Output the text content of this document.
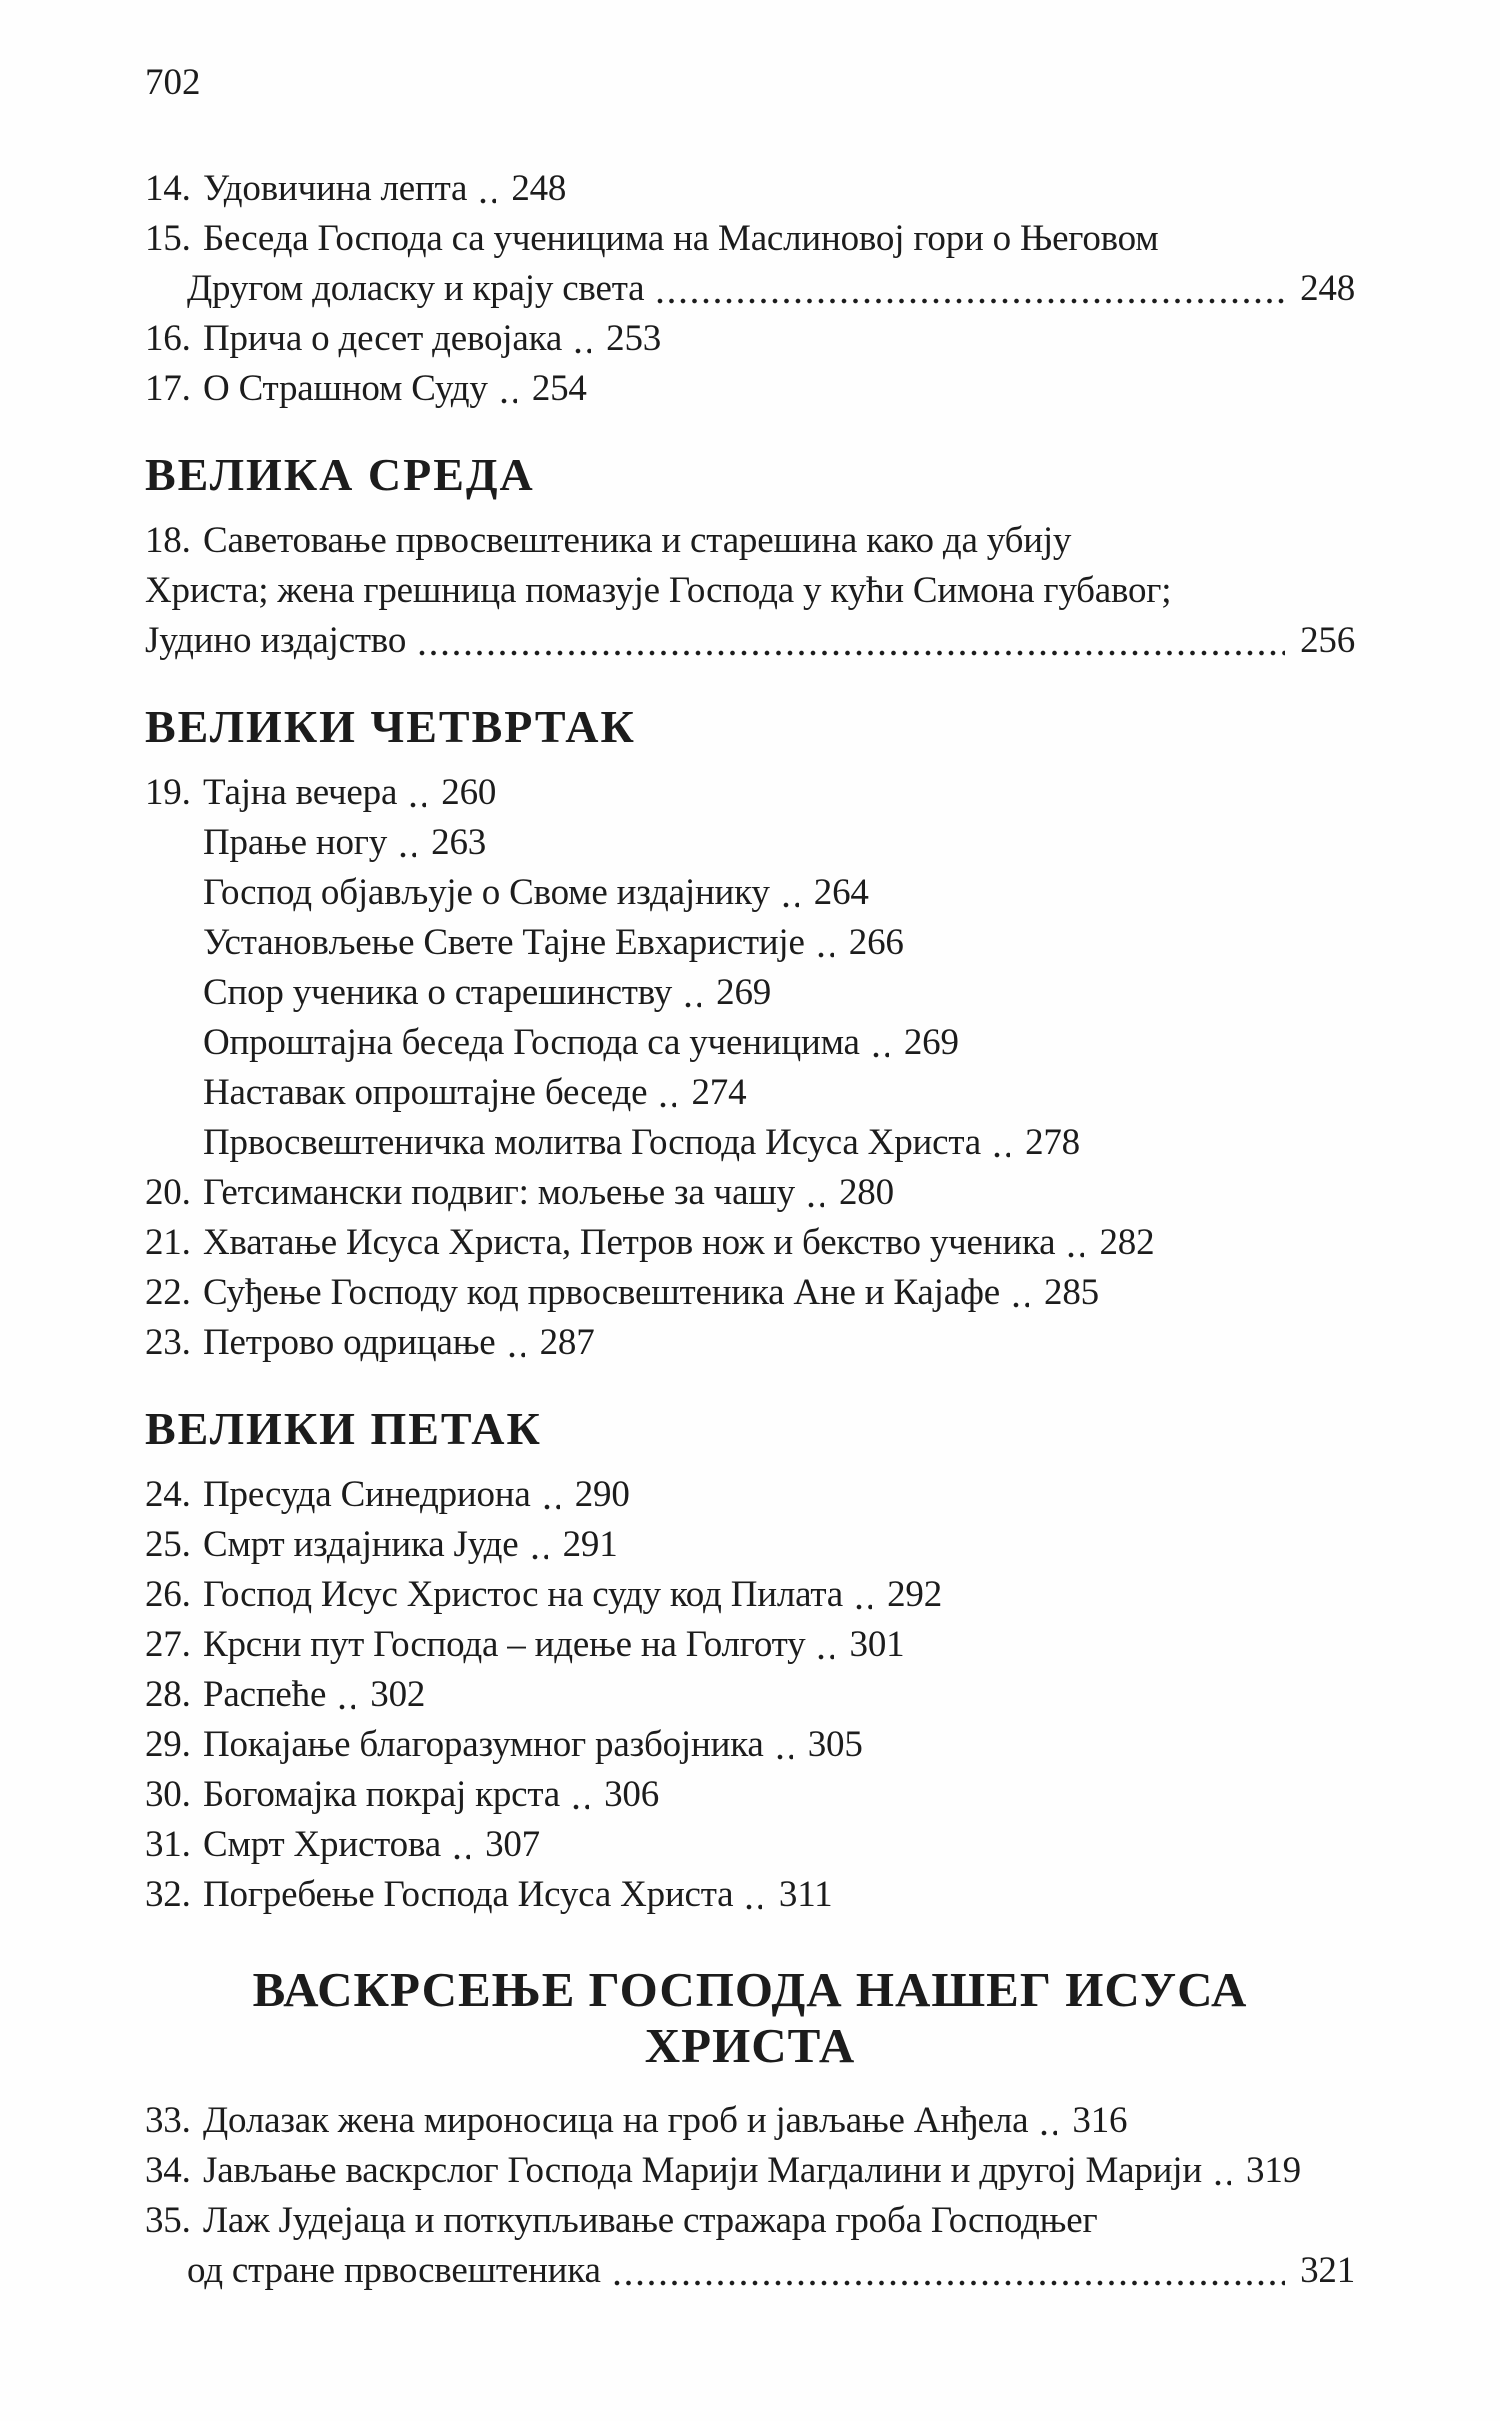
702
14. Удовичина лепта 248
15. Беседа Господа са ученицима на Маслиновој гори о Његовом
Другом доласку и крају света	248
16. Прича о десет девојака 253
17. О Страшном Суду 254
ВЕЛИКА СРЕДА
18. Саветовање првосвештеника и старешина како да убију
Христа; жена грешница помазује Господа у кући Симона губавог;
Јудино издајство	256
ВЕЛИКИ ЧЕТВРТАК
19. Тајна вечера 260
Прање ногу 263
Господ објављује о Своме издајнику 264
Установљење Свете Тајне Евхаристије 266
Спор ученика о старешинству 269
Опроштајна беседа Господа са ученицима 269
Наставак опроштајне беседе 274
Првосвештеничка молитва Господа Исуса Христа 278
20. Гетсимански подвиг: мољење за чашу 280
21. Хватање Исуса Христа, Петров нож и бекство ученика 282
22. Суђење Господу код првосвештеника Ане и Кајафе 285
23. Петрово одрицање 287
ВЕЛИКИ ПЕТАК
24. Пресуда Синедриона 290
25. Смрт издајника Јуде 291
26. Господ Исус Христос на суду код Пилата 292
27. Крсни пут Господа – идење на Голготу 301
28. Распеће 302
29. Покајање благоразумног разбојника 305
30. Богомајка покрај крста 306
31. Смрт Христова 307
32. Погребење Господа Исуса Христа 311
ВАСКРСЕЊЕ ГОСПОДА НАШЕГ ИСУСА ХРИСТА
33. Долазак жена мироносица на гроб и јављање Анђела 316
34. Јављање васкрслог Господа Марији Магдалини и другој Марији 319
35. Лаж Јудејаца и поткупљивање стражара гроба Господњег
од стране првосвештеника	321
